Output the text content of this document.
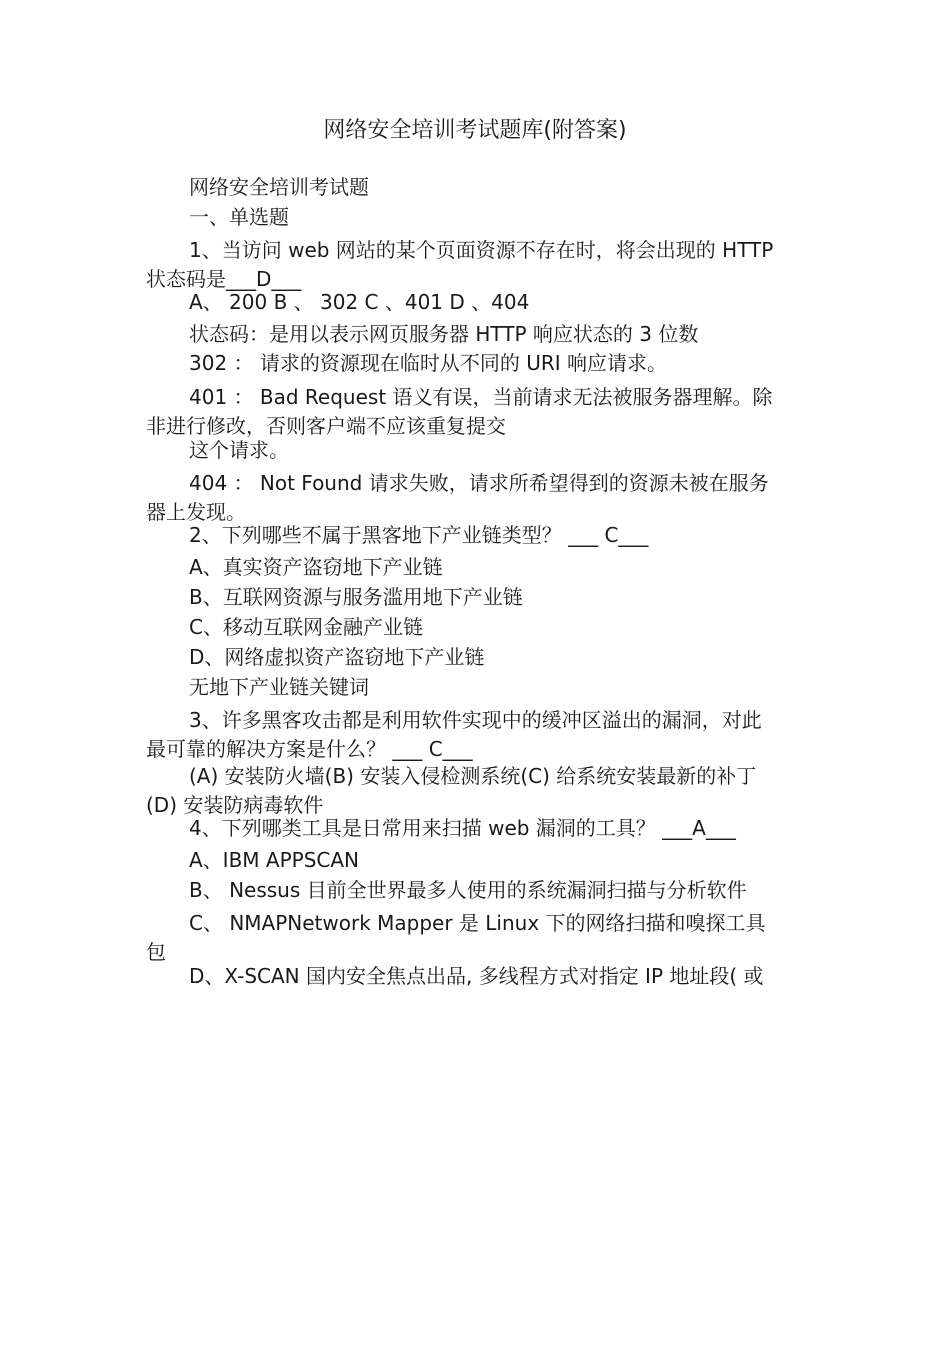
网络安全培训考试题库(附答案)
网络安全培训考试题
一、单选题
1、当访问 web 网站的某个页面资源不存在时，将会出现的 HTTP
状态码是___D___
A、 200 B 、 302 C 、401 D 、404
状态码：是用以表示网页服务器 HTTP 响应状态的 3 位数
302 ： 请求的资源现在临时从不同的 URI 响应请求。
401 ： Bad Request 语义有误，当前请求无法被服务器理解。除
非进行修改，否则客户端不应该重复提交
这个请求。
404 ： Not Found 请求失败，请求所希望得到的资源未被在服务
器上发现。
2、下列哪些不属于黑客地下产业链类型？ ___ C___
A、真实资产盗窃地下产业链
B、互联网资源与服务滥用地下产业链
C、移动互联网金融产业链
D、网络虚拟资产盗窃地下产业链
无地下产业链关键词
3、许多黑客攻击都是利用软件实现中的缓冲区溢出的漏洞，对此
最可靠的解决方案是什么？ ___ C___
(A) 安装防火墙(B) 安装入侵检测系统(C) 给系统安装最新的补丁
(D) 安装防病毒软件
4、下列哪类工具是日常用来扫描 web 漏洞的工具？ ___A___
A、IBM APPSCAN
B、 Nessus 目前全世界最多人使用的系统漏洞扫描与分析软件
C、 NMAPNetwork Mapper 是 Linux 下的网络扫描和嗅探工具
包
D、X-SCAN 国内安全焦点出品, 多线程方式对指定 IP 地址段( 或
